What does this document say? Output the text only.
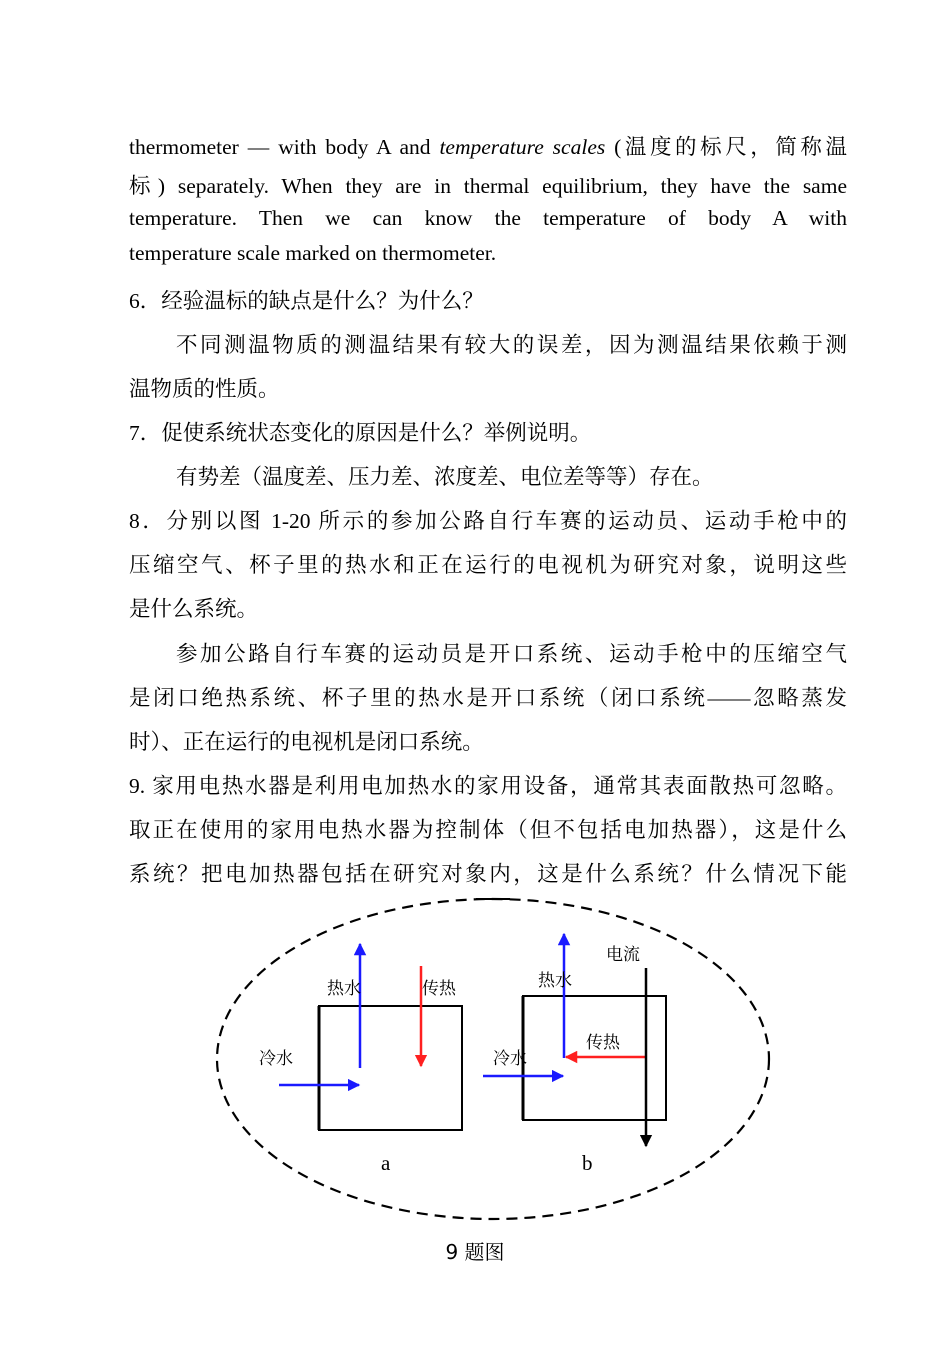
thermometer — with body A and temperature scales (温度的标尺，简称温
标) separately. When they are in thermal equilibrium, they have the same
temperature. Then we can know the temperature of body A with
temperature scale marked on thermometer.
6．经验温标的缺点是什么？为什么？
不同测温物质的测温结果有较大的误差，因为测温结果依赖于测
温物质的性质。
7．促使系统状态变化的原因是什么？举例说明。
有势差（温度差、压力差、浓度差、电位差等等）存在。
8．分别以图 1-20 所示的参加公路自行车赛的运动员、运动手枪中的
压缩空气、杯子里的热水和正在运行的电视机为研究对象，说明这些
是什么系统。
参加公路自行车赛的运动员是开口系统、运动手枪中的压缩空气
是闭口绝热系统、杯子里的热水是开口系统（闭口系统——忽略蒸发
时）、正在运行的电视机是闭口系统。
9. 家用电热水器是利用电加热水的家用设备，通常其表面散热可忽略。
取正在使用的家用电热水器为控制体（但不包括电加热器），这是什么
系统？把电加热器包括在研究对象内，这是什么系统？什么情况下能
热水	传热
冷水
a
电流
热水
传热
冷水
b
9 题图
